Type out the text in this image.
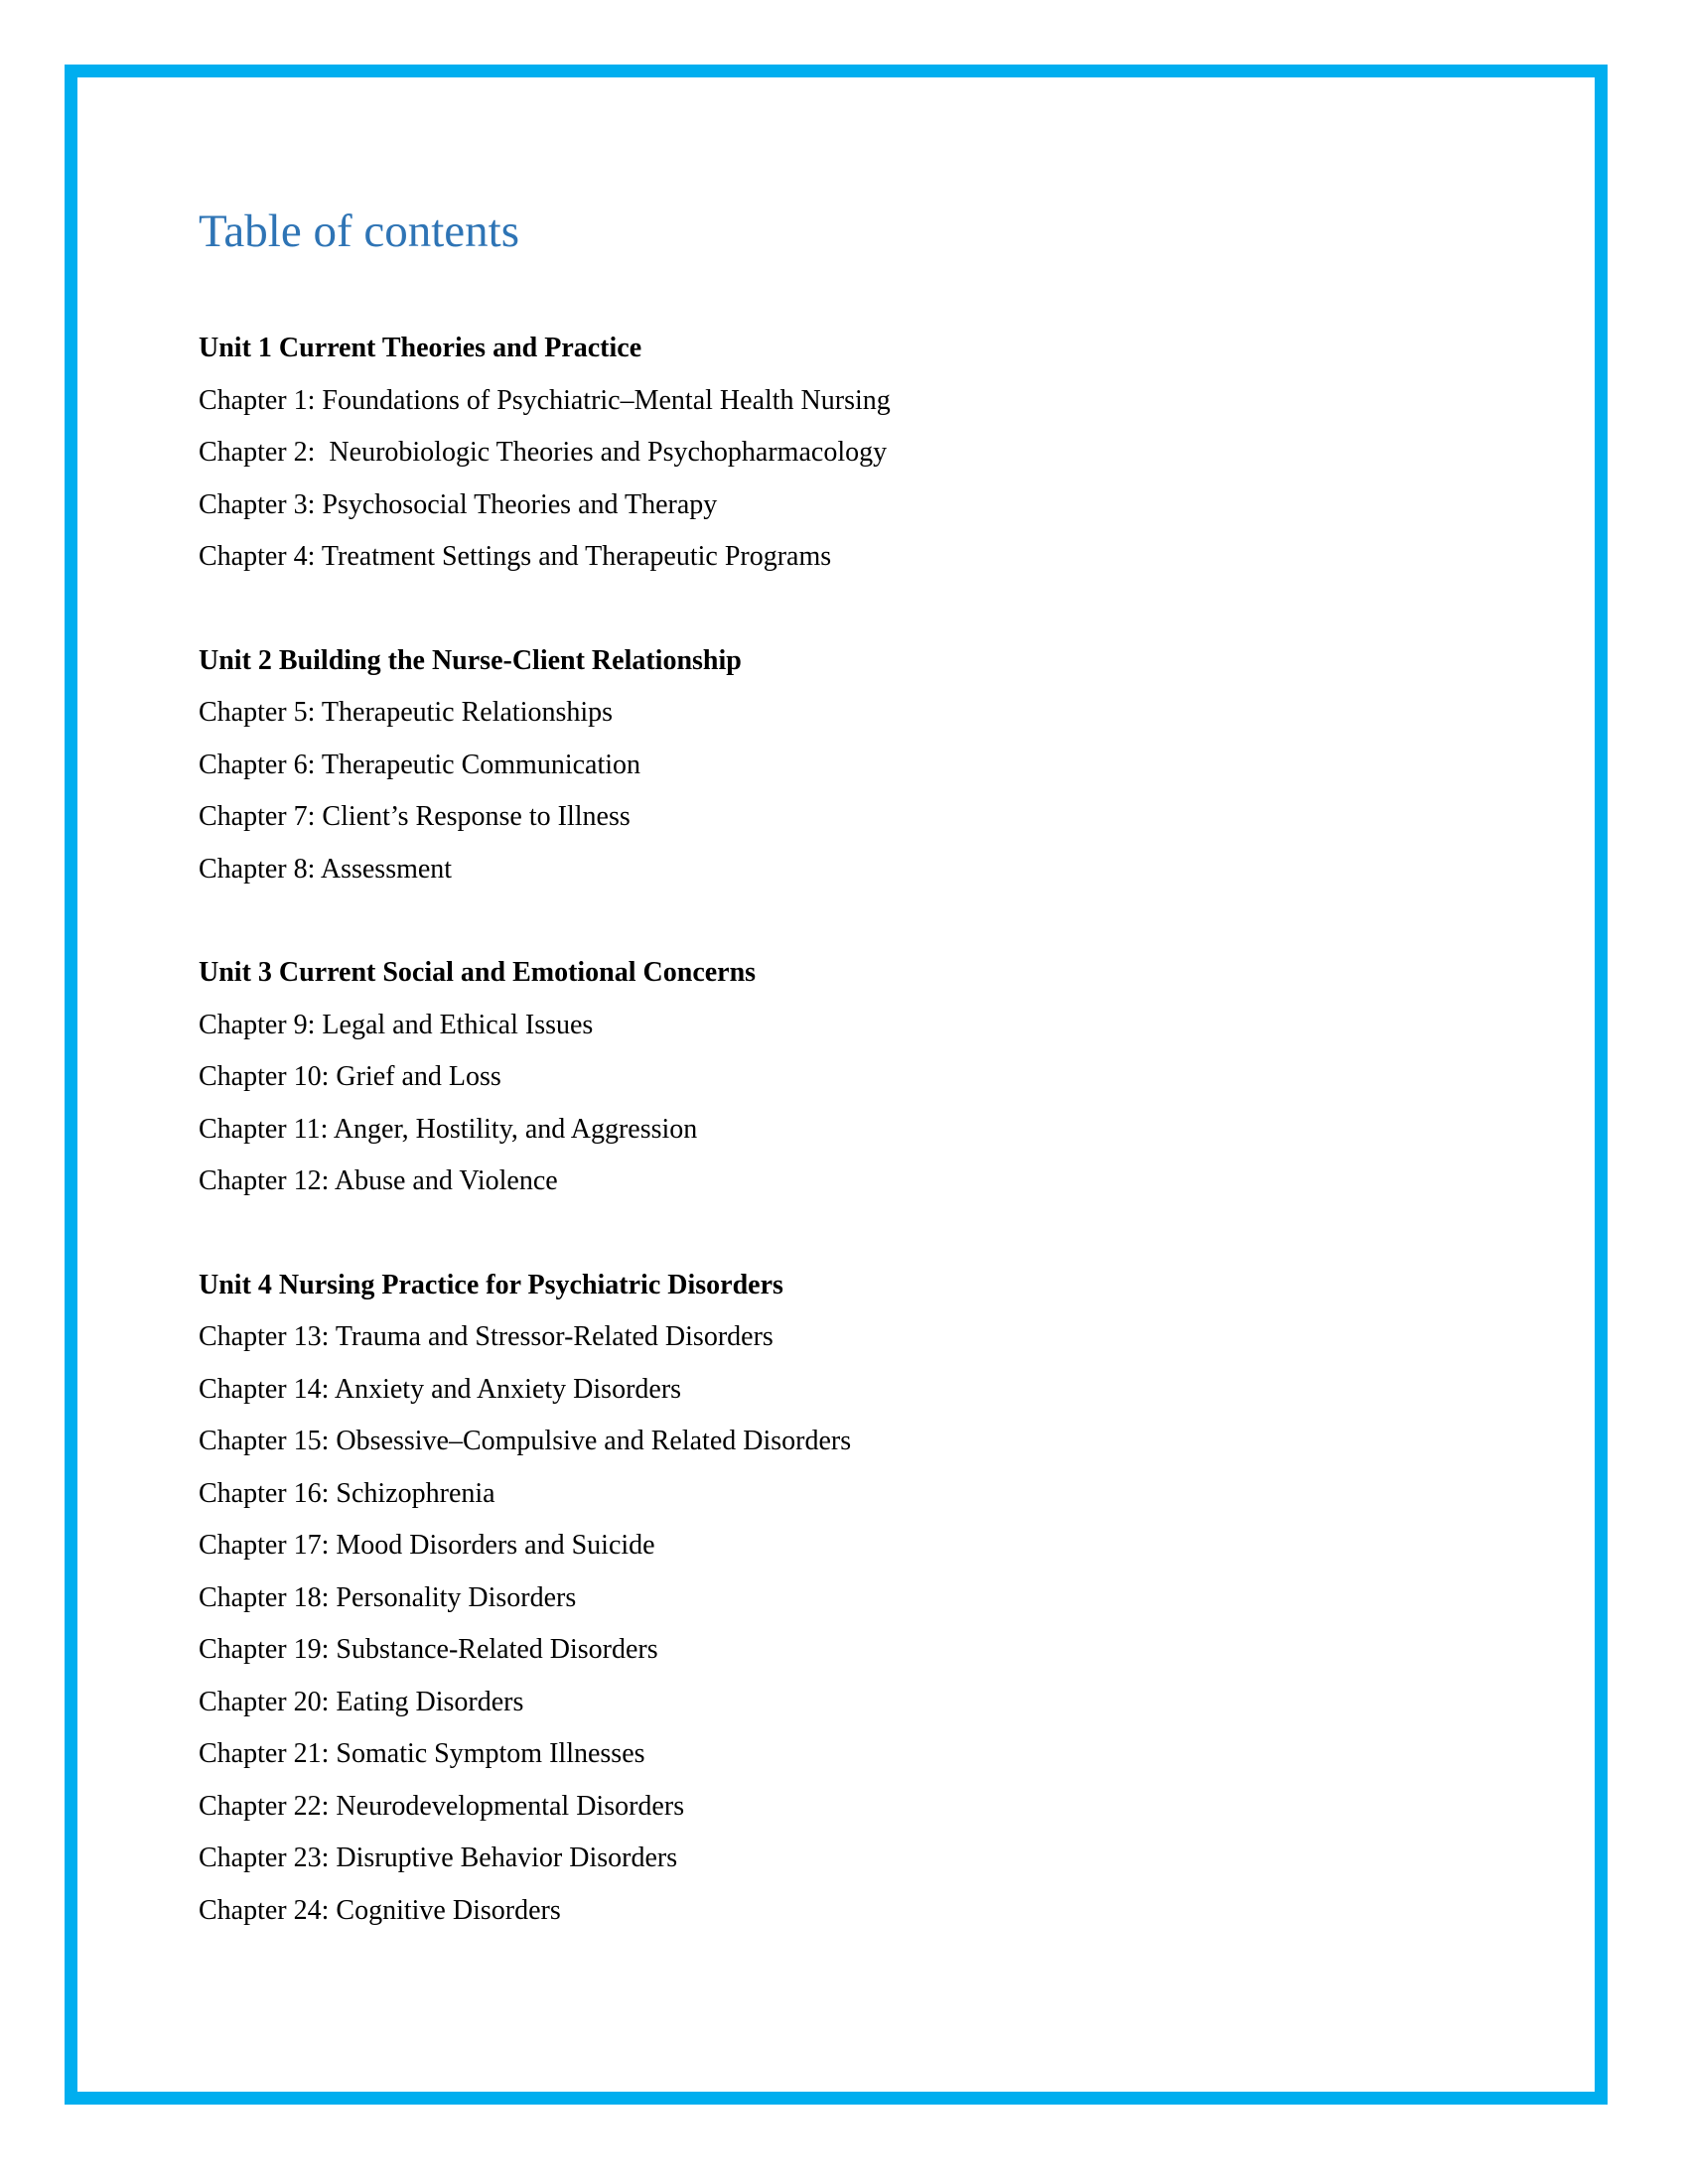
Table of contents

Unit 1 Current Theories and Practice

Chapter 1: Foundations of Psychiatric–Mental Health Nursing

Chapter 2:  Neurobiologic Theories and Psychopharmacology

Chapter 3: Psychosocial Theories and Therapy

Chapter 4: Treatment Settings and Therapeutic Programs

Unit 2 Building the Nurse-Client Relationship

Chapter 5: Therapeutic Relationships

Chapter 6: Therapeutic Communication

Chapter 7: Client’s Response to Illness

Chapter 8: Assessment

Unit 3 Current Social and Emotional Concerns

Chapter 9: Legal and Ethical Issues

Chapter 10: Grief and Loss

Chapter 11: Anger, Hostility, and Aggression

Chapter 12: Abuse and Violence

Unit 4 Nursing Practice for Psychiatric Disorders

Chapter 13: Trauma and Stressor-Related Disorders

Chapter 14: Anxiety and Anxiety Disorders

Chapter 15: Obsessive–Compulsive and Related Disorders

Chapter 16: Schizophrenia

Chapter 17: Mood Disorders and Suicide

Chapter 18: Personality Disorders

Chapter 19: Substance-Related Disorders

Chapter 20: Eating Disorders

Chapter 21: Somatic Symptom Illnesses

Chapter 22: Neurodevelopmental Disorders

Chapter 23: Disruptive Behavior Disorders

Chapter 24: Cognitive Disorders
